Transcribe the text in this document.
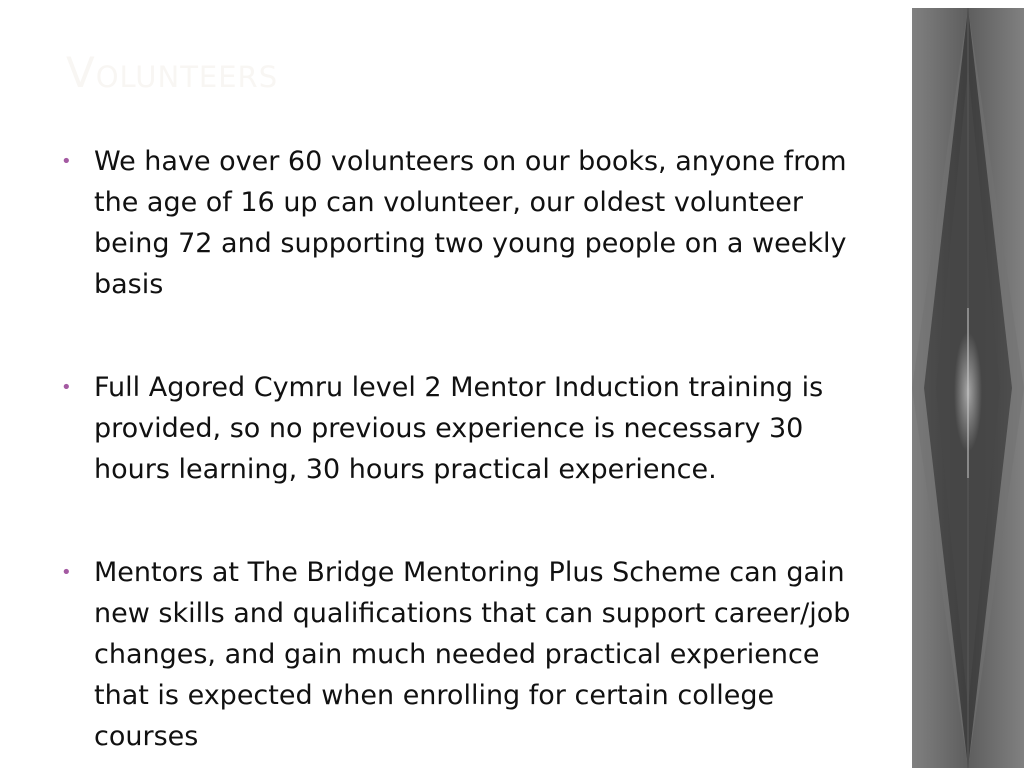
Volunteers
• We have over 60 volunteers on our books, anyone from the age of 16 up can volunteer, our oldest volunteer being 72 and supporting two young people on a weekly basis
• Full Agored Cymru level 2 Mentor Induction training is provided, so no previous experience is necessary 30 hours learning, 30 hours practical experience.
• Mentors at The Bridge Mentoring Plus Scheme can gain new skills and qualifications that can support career/job changes, and gain much needed practical experience that is expected when enrolling for certain college courses
